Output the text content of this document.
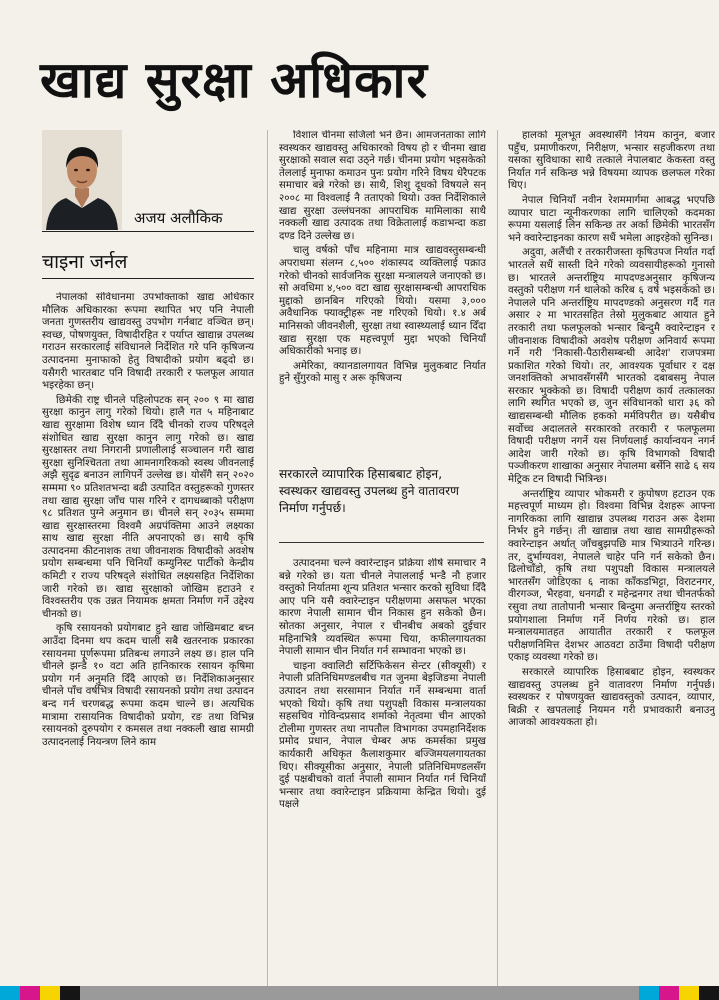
खाद्य सुरक्षा अधिकार
अजय अलौकिक
चाइना जर्नल

नेपालको संविधानमा उपभोक्ताको खाद्य अधिकार मौलिक अधिकारका रूपमा स्थापित भए पनि नेपाली जनता गुणस्तरीय खाद्यवस्तु उपभोग गर्नबाट वञ्चित छन्। स्वच्छ, पोषणयुक्त, विषादीरहित र पर्याप्त खाद्यान्न उपलब्ध गराउन सरकारलाई संविधानले निर्देशित गरे पनि कृषिजन्य उत्पादनमा मुनाफाको हेतु विषादीको प्रयोग बढ्दो छ। यसैगरी भारतबाट पनि विषादी तरकारी र फलफूल आयात भइरहेका छन्।

छिमेकी राष्ट्र चीनले पहिलोपटक सन् २०० ९ मा खाद्य सुरक्षा कानुन लागु गरेको थियो। हालै गत ५ महिनाबाट खाद्य सुरक्षामा विशेष ध्यान दिँदै चीनको राज्य परिषद्ले संशोधित खाद्य सुरक्षा कानुन लागु गरेको छ। खाद्य सुरक्षास्तर तथा निगरानी प्रणालीलाई सञ्चालन गरी खाद्य सुरक्षा सुनिश्चितता तथा आमनागरिकको स्वस्थ जीवनलाई अझै सुदृढ बनाउन लागिपर्ने उल्लेख छ। योसँगै सन् २०२० सम्ममा ९० प्रतिशतभन्दा बढी उत्पादित वस्तुहरूको गुणस्तर तथा खाद्य सुरक्षा जाँच पास गरिने र दागधब्बाको परीक्षण ९८ प्रतिशत पुग्ने अनुमान छ। चीनले सन् २०३५ सम्ममा खाद्य सुरक्षास्तरमा विश्वमै अग्रपंक्तिमा आउने लक्ष्यका साथ खाद्य सुरक्षा नीति अपनाएको छ। साथै कृषि उत्पादनमा कीटनाशक तथा जीवनाशक विषादीको अवशेष प्रयोग सम्बन्धमा पनि चिनियाँ कम्युनिस्ट पार्टीको केन्द्रीय कमिटी र राज्य परिषद्ले संशोधित लक्ष्यसहित निर्देशिका जारी गरेको छ। खाद्य सुरक्षाको जोखिम हटाउने र विश्वस्तरीय एक उन्नत नियामक क्षमता निर्माण गर्ने उद्देश्य चीनको छ।

कृषि रसायनको प्रयोगबाट हुने खाद्य जोखिमबाट बच्न आउँदा दिनमा थप कदम चाली सबै खतरनाक प्रकारका रसायनमा पूर्णरूपमा प्रतिबन्ध लगाउने लक्ष्य छ। हाल पनि चीनले झन्डै १० वटा अति हानिकारक रसायन कृषिमा प्रयोग गर्न अनुमति दिँदै आएको छ। निर्देशिकाअनुसार चीनले पाँच वर्षभित्र विषादी रसायनको प्रयोग तथा उत्पादन बन्द गर्न चरणबद्ध रूपमा कदम चाल्ने छ। अत्यधिक मात्रामा रासायनिक विषादीको प्रयोग, रङ तथा विभिन्न रसायनको दुरुपयोग र कमसल तथा नक्कली खाद्य सामग्री उत्पादनलाई नियन्त्रण लिने काम

विशाल चीनमा सजिलो भने छैन। आमजनताका लागि स्वस्थकर खाद्यवस्तु अधिकारको विषय हो र चीनमा खाद्य सुरक्षाको सवाल सदा उठ्ने गर्छ। चीनमा प्रयोग भइसकेको तेललाई मुनाफा कमाउन पुनः प्रयोग गरिने विषय धेरैपटक समाचार बन्ने गरेको छ। साथै, शिशु दूधको विषयले सन् २००८ मा विश्वलाई नै तताएको थियो। उक्त निर्देशिकाले खाद्य सुरक्षा उल्लंघनका आपराधिक मामिलाका साथै नक्कली खाद्य उत्पादक तथा विक्रेतालाई कडाभन्दा कडा दण्ड दिने उल्लेख छ।

चालु वर्षको पाँच महिनामा मात्र खाद्यवस्तुसम्बन्धी अपराधमा संलग्न ८,५०० शंकास्पद व्यक्तिलाई पक्राउ गरेको चीनको सार्वजनिक सुरक्षा मन्त्रालयले जनाएको छ। सो अवधिमा ४,५०० वटा खाद्य सुरक्षासम्बन्धी आपराधिक मुद्दाको छानबिन गरिएको थियो। यसमा ३,००० अवैधानिक फ्याक्ट्रीहरू नष्ट गरिएको थियो। १.४ अर्ब मानिसको जीवनशैली, सुरक्षा तथा स्वास्थ्यलाई ध्यान दिँदा खाद्य सुरक्षा एक महत्त्वपूर्ण मुद्दा भएको चिनियाँ अधिकारीको भनाइ छ।

अमेरिका, क्यानडालगायत विभिन्न मुलुकबाट निर्यात हुने सुँगुरको मासु र अरू कृषिजन्य

सरकारले व्यापारिक हिसाबबाट होइन, स्वस्थकर खाद्यवस्तु उपलब्ध हुने वातावरण निर्माण गर्नुपर्छ।

उत्पादनमा चल्ने क्वारेन्टाइन प्रक्रिया शीर्ष समाचार नै बन्ने गरेको छ। यता चीनले नेपाललाई भन्डै नौ हजार वस्तुको निर्यातमा शून्य प्रतिशत भन्सार करको सुविधा दिँदै आए पनि यसै क्वारेन्टाइन परीक्षणमा असफल भएका कारण नेपाली सामान चीन निकास हुन सकेको छैन। स्रोतका अनुसार, नेपाल र चीनबीच अबको दुईचार महिनाभित्रै व्यवस्थित रूपमा चिया, कफीलगायतका नेपाली सामान चीन निर्यात गर्न सम्भावना भएको छ।

चाइना क्वालिटी सर्टिफिकेसन सेन्टर (सीक्यूसी) र नेपाली प्रतिनिधिमण्डलबीच गत जुनमा बेइजिङमा नेपाली उत्पादन तथा सरसामान निर्यात गर्ने सम्बन्धमा वार्ता भएको थियो। कृषि तथा पशुपक्षी विकास मन्त्रालयका सहसचिव गोविन्दप्रसाद शर्माको नेतृत्वमा चीन आएको टोलीमा गुणस्तर तथा नापतौल विभागका उपमहानिर्देशक प्रमोद प्रधान, नेपाल चेम्बर अफ कमर्सका प्रमुख कार्यकारी अधिकृत कैलाशकुमार बज्जिमयलगायतका थिए। सीक्यूसीका अनुसार, नेपाली प्रतिनिधिमण्डलसँग दुई पक्षबीचको वार्ता नेपाली सामान निर्यात गर्न चिनियाँ भन्सार तथा क्वारेन्टाइन प्रक्रियामा केन्द्रित थियो। दुई पक्षले

हालको मूलभूत अवस्थासँगै नियम कानुन, बजार पहुँच, प्रमाणीकरण, निरीक्षण, भन्सार सहजीकरण तथा यसका सुविधाका साथै तत्काले नेपालबाट केकस्ता वस्तु निर्यात गर्न सकिन्छ भन्ने विषयमा व्यापक छलफल गरेका थिए।

नेपाल चिनियाँ नवीन रेशममार्गमा आबद्ध भएपछि व्यापार घाटा न्यूनीकरणका लागि चालिएको कदमका रूपमा यसलाई लिन सकिन्छ तर अर्का छिमेकी भारतसँग भने क्वारेन्टाइनका कारण सधैं भमेला आइरहेको सुनिन्छ।

अदुवा, अलैंची र तरकारीजस्ता कृषिउपज निर्यात गर्दा भारतले सधैं सास्ती दिने गरेको व्यवसायीहरूको गुनासो छ। भारतले अन्तर्राष्ट्रिय मापदण्डअनुसार कृषिजन्य वस्तुको परीक्षण गर्न थालेको करिब ६ वर्ष भइसकेको छ। नेपालले पनि अन्तर्राष्ट्रिय मापदण्डको अनुसरण गर्दै गत असार २ मा भारतसहित तेस्रो मुलुकबाट आयात हुने तरकारी तथा फलफूलको भन्सार बिन्दुमै क्वारेन्टाइन र जीवनाशक विषादीको अवशेष परीक्षण अनिवार्य रूपमा गर्ने गरी 'निकासी-पैठारीसम्बन्धी आदेश' राजपत्रमा प्रकाशित गरेको थियो। तर, आवश्यक पूर्वाधार र दक्ष जनशक्तिको अभावसँगसँगै भारतको दबाबसमु नेपाल सरकार भुक्केको छ। विषादी परीक्षण कार्य तत्कालका लागि स्थगित भएको छ, जुन संविधानको धारा ३६ को खाद्यसम्बन्धी मौलिक हकको मर्मविपरीत छ। यसैबीच सर्वोच्च अदालतले सरकारको तरकारी र फलफूलमा विषादी परीक्षण नगर्ने यस निर्णयलाई कार्यान्वयन नगर्न आदेश जारी गरेको छ। कृषि विभागको विषादी पञ्जीकरण शाखाका अनुसार नेपालमा बर्सेनि साढे ६ सय मेट्रिक टन विषादी भित्रिन्छ।

अन्तर्राष्ट्रिय व्यापार भोकमरी र कुपोषण हटाउन एक महत्त्वपूर्ण माध्यम हो। विश्वमा विभिन्न देशहरू आफ्ना नागरिकका लागि खाद्यान्न उपलब्ध गराउन अरू देशमा निर्भर हुने गर्छन्। ती खाद्यान्न तथा खाद्य सामग्रीहरूको क्वारेन्टाइन अर्थात् जाँचबुझपछि मात्र भित्र्याउने गरिन्छ। तर, दुर्भाग्यवश, नेपालले चाहेर पनि गर्न सकेको छैन। ढिलोचाँडो, कृषि तथा पशुपक्षी विकास मन्त्रालयले भारतसँग जोडिएका ६ नाका काँकडभिट्टा, विराटनगर, वीरगञ्ज, भैरहवा, धनगढी र महेन्द्रनगर तथा चीनतर्फको रसुवा तथा तातोपानी भन्सार बिन्दुमा अन्तर्राष्ट्रिय स्तरको प्रयोगशाला निर्माण गर्ने निर्णय गरेको छ। हाल मन्त्रालयमातहत आयातीत तरकारी र फलफूल परीक्षणनिमित्त देशभर आठवटा ठाउँमा विषादी परीक्षण एकाइ व्यवस्था गरेको छ।

सरकारले व्यापारिक हिसाबबाट होइन, स्वस्थकर खाद्यवस्तु उपलब्ध हुने वातावरण निर्माण गर्नुपर्छ। स्वस्थकर र पोषणयुक्त खाद्यवस्तुको उत्पादन, व्यापार, बिक्री र खपतलाई नियमन गरी प्रभावकारी बनाउनु आजको आवश्यकता हो।
